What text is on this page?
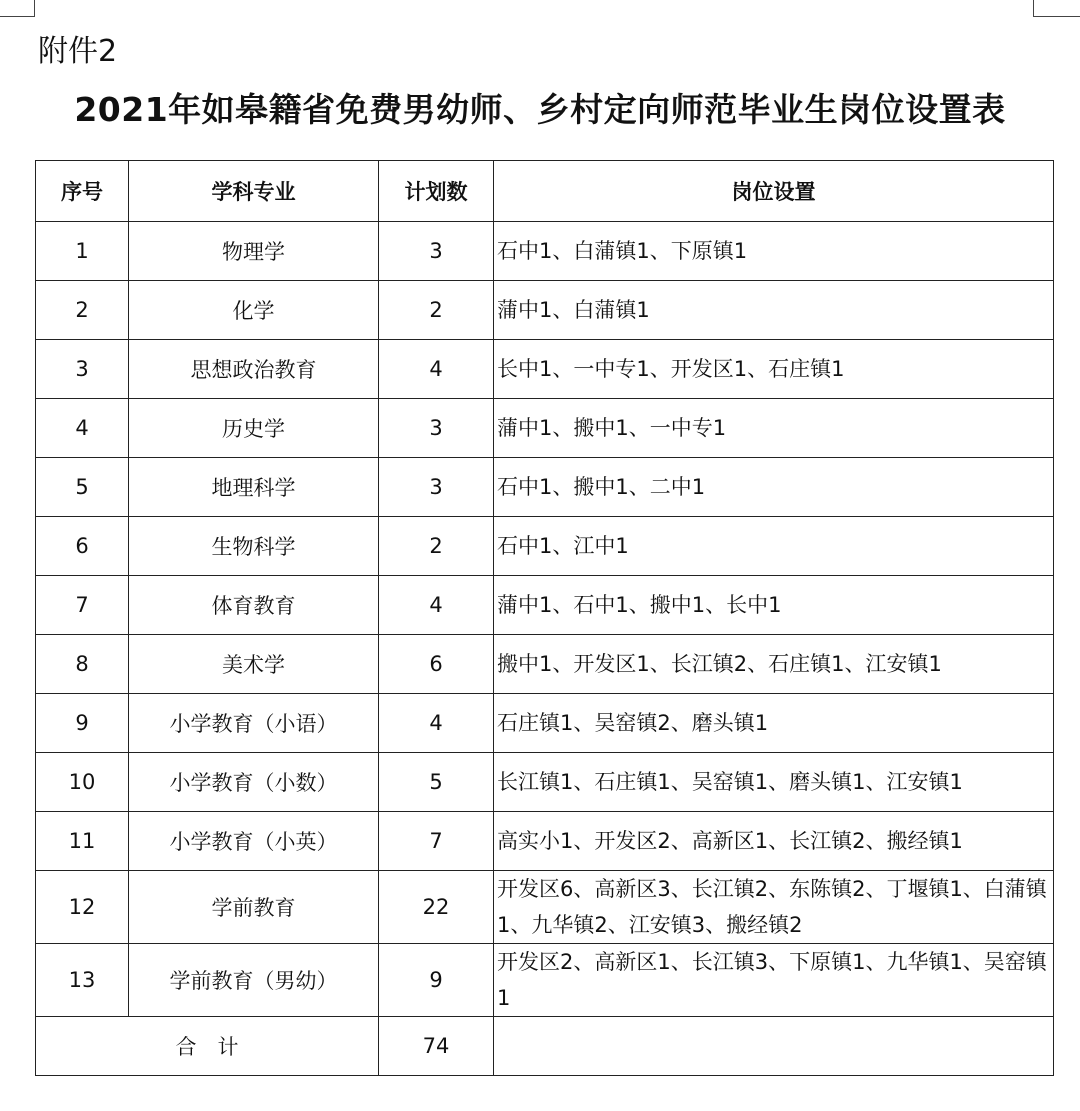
附件2
2021年如皋籍省免费男幼师、乡村定向师范毕业生岗位设置表
序号	学科专业	计划数	岗位设置
1	物理学	3	石中1、白蒲镇1、下原镇1
2	化学	2	蒲中1、白蒲镇1
3	思想政治教育	4	长中1、一中专1、开发区1、石庄镇1
4	历史学	3	蒲中1、搬中1、一中专1
5	地理科学	3	石中1、搬中1、二中1
6	生物科学	2	石中1、江中1
7	体育教育	4	蒲中1、石中1、搬中1、长中1
8	美术学	6	搬中1、开发区1、长江镇2、石庄镇1、江安镇1
9	小学教育（小语）	4	石庄镇1、吴窑镇2、磨头镇1
10	小学教育（小数）	5	长江镇1、石庄镇1、吴窑镇1、磨头镇1、江安镇1
11	小学教育（小英）	7	高实小1、开发区2、高新区1、长江镇2、搬经镇1
12	学前教育	22	开发区6、高新区3、长江镇2、东陈镇2、丁堰镇1、白蒲镇1、九华镇2、江安镇3、搬经镇2
13	学前教育（男幼）	9	开发区2、高新区1、长江镇3、下原镇1、九华镇1、吴窑镇1
合　计		74	
